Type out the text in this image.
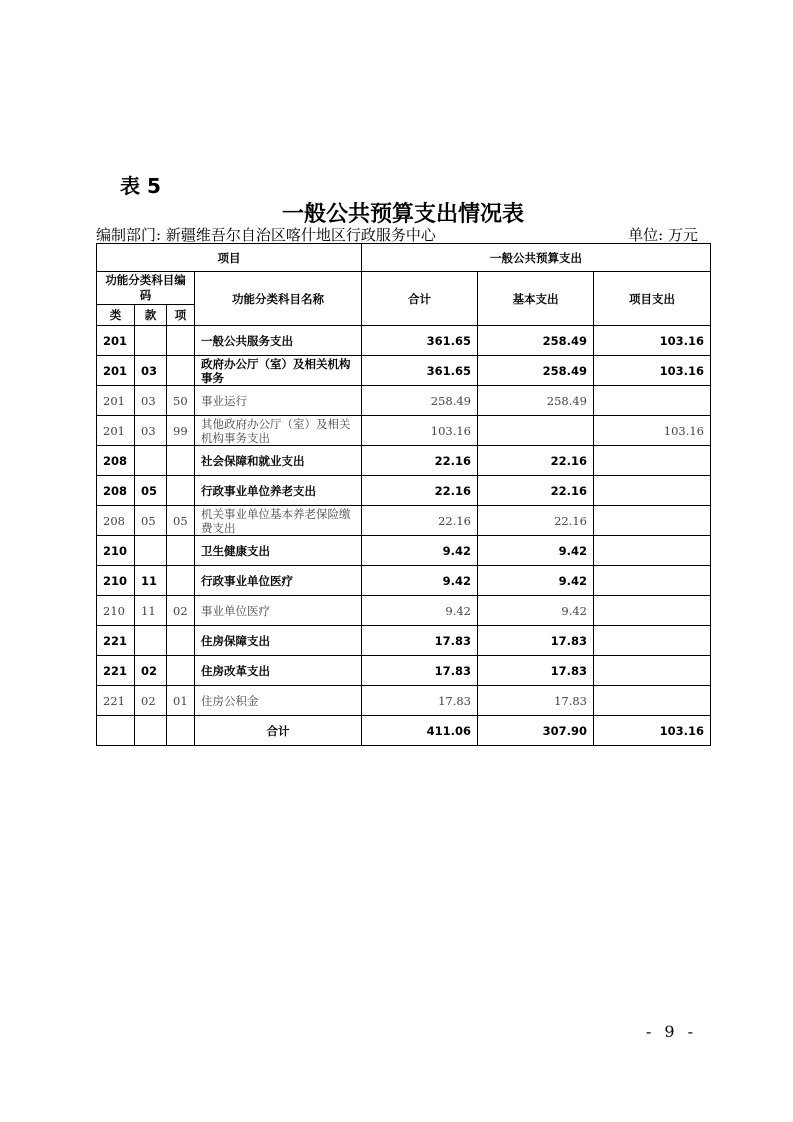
表 5
一般公共预算支出情况表
编制部门: 新疆维吾尔自治区喀什地区行政服务中心	单位: 万元
项目				一般公共预算支出		
功能分类科目编码			功能分类科目名称	合计	基本支出	项目支出
类	款	项				
201			一般公共服务支出	361.65	258.49	103.16
201	03		政府办公厅（室）及相关机构事务	361.65	258.49	103.16
201	03	50	事业运行	258.49	258.49	
201	03	99	其他政府办公厅（室）及相关机构事务支出	103.16		103.16
208			社会保障和就业支出	22.16	22.16	
208	05		行政事业单位养老支出	22.16	22.16	
208	05	05	机关事业单位基本养老保险缴费支出	22.16	22.16	
210			卫生健康支出	9.42	9.42	
210	11		行政事业单位医疗	9.42	9.42	
210	11	02	事业单位医疗	9.42	9.42	
221			住房保障支出	17.83	17.83	
221	02		住房改革支出	17.83	17.83	
221	02	01	住房公积金	17.83	17.83	
			合计	411.06	307.90	103.16
- 9 -
